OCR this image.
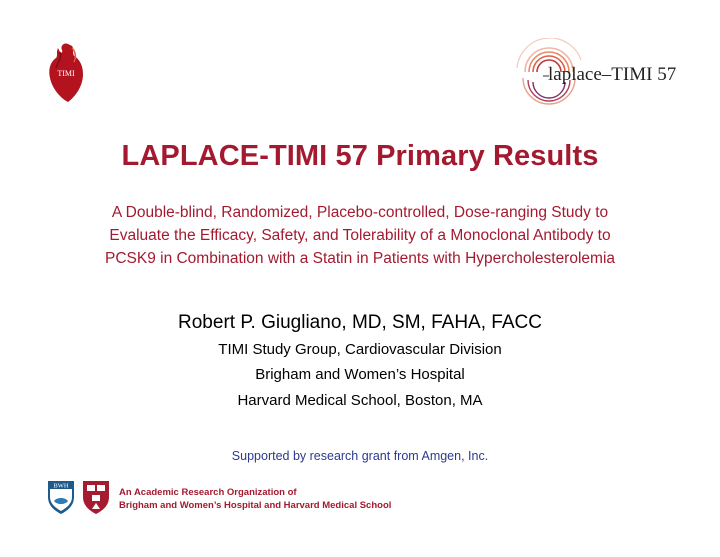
TIMI	laplace–TIMI 57
LAPLACE-TIMI 57 Primary Results
A Double-blind, Randomized, Placebo-controlled, Dose-ranging Study to
Evaluate the Efficacy, Safety, and Tolerability of a Monoclonal Antibody to
PCSK9 in Combination with a Statin in Patients with Hypercholesterolemia
Robert P. Giugliano, MD, SM, FAHA, FACC
TIMI Study Group, Cardiovascular Division
Brigham and Women’s Hospital
Harvard Medical School, Boston, MA
Supported by research grant from Amgen, Inc.
BWH
An Academic Research Organization of
Brigham and Women’s Hospital and Harvard Medical School
